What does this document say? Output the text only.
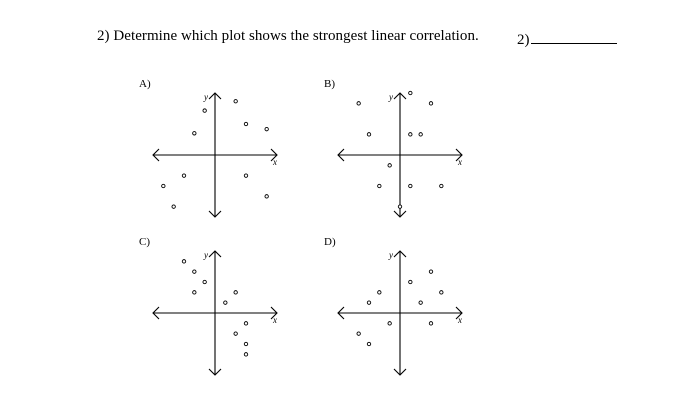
2) Determine which plot shows the strongest linear correlation.	2)
A)
x
y
B)
x
y
C)
x
y
D)
x
y
